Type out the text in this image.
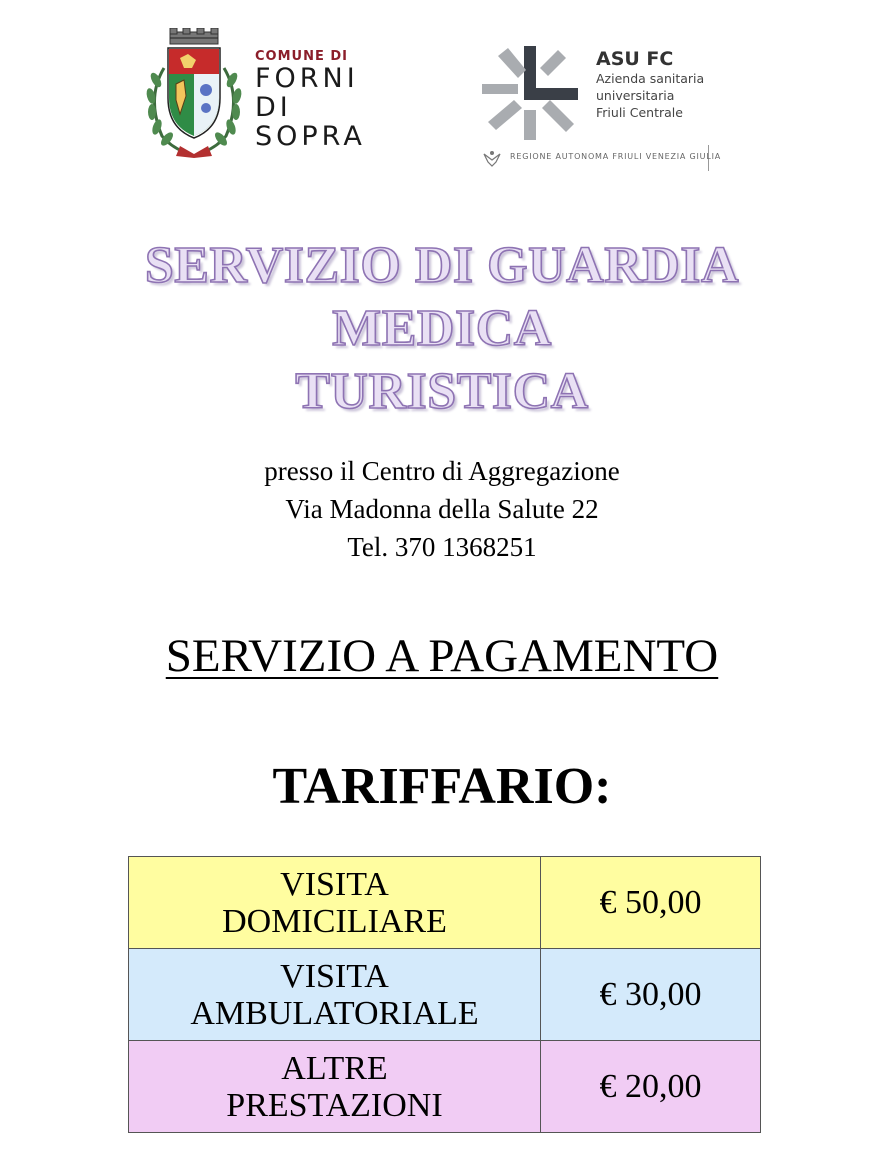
COMUNE DI
FORNI
DI SOPRA
ASU FC
Azienda sanitaria
universitaria
Friuli Centrale
REGIONE AUTONOMA FRIULI VENEZIA GIULIA
SERVIZIO DI GUARDIA
MEDICA
TURISTICA
presso il Centro di Aggregazione
Via Madonna della Salute 22
Tel. 370 1368251
SERVIZIO A PAGAMENTO
TARIFFARIO:
VISITA
DOMICILIARE	€ 50,00

VISITA
AMBULATORIALE	€ 30,00

ALTRE
PRESTAZIONI	€ 20,00
